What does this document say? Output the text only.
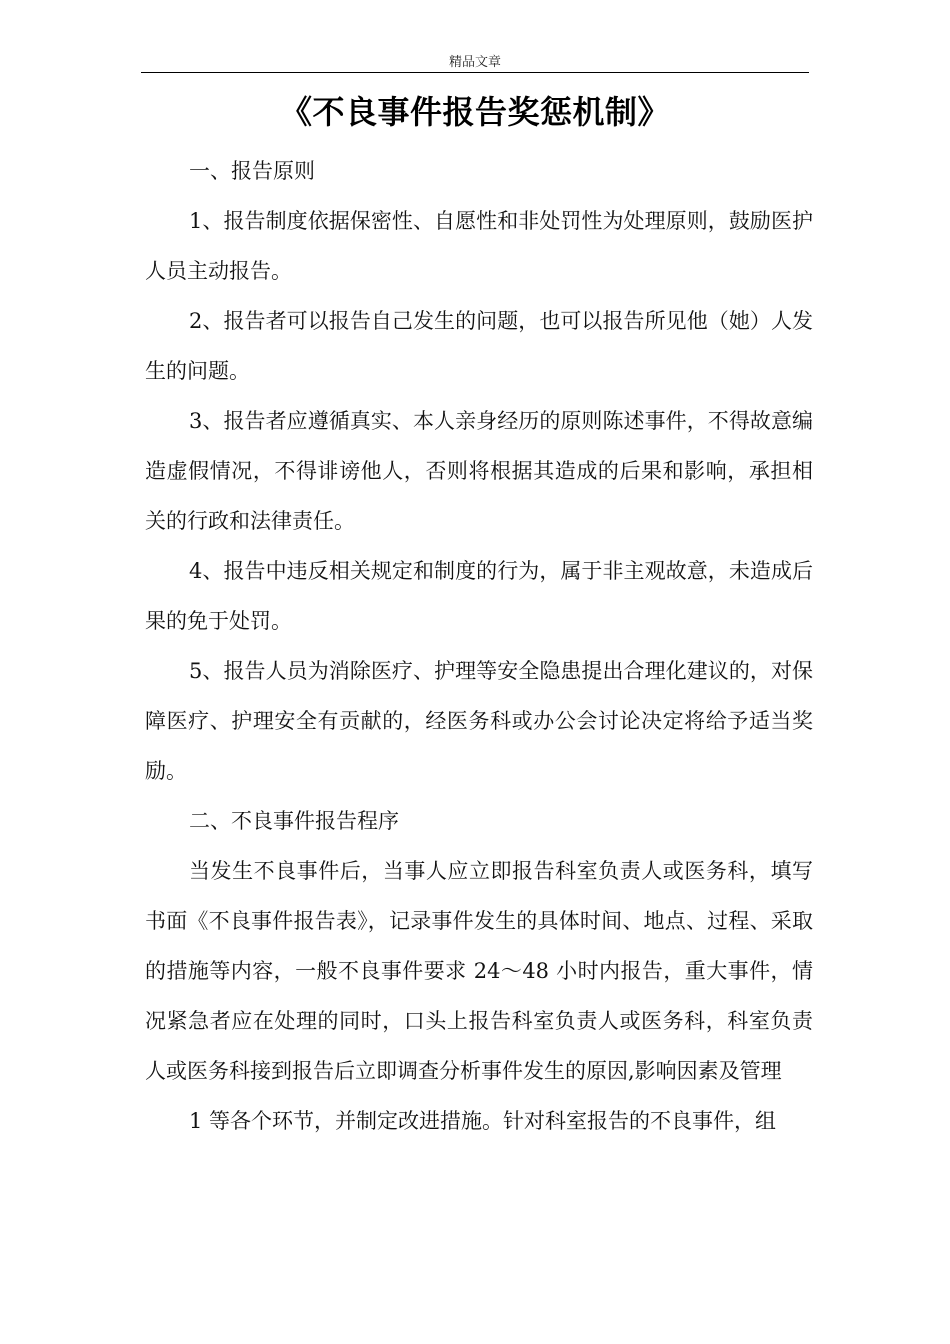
精品文章
《不良事件报告奖惩机制》

一、报告原则

1、报告制度依据保密性、自愿性和非处罚性为处理原则，鼓励医护人员主动报告。

2、报告者可以报告自己发生的问题，也可以报告所见他（她）人发生的问题。

3、报告者应遵循真实、本人亲身经历的原则陈述事件，不得故意编造虚假情况，不得诽谤他人，否则将根据其造成的后果和影响，承担相关的行政和法律责任。

4、报告中违反相关规定和制度的行为，属于非主观故意，未造成后果的免于处罚。

5、报告人员为消除医疗、护理等安全隐患提出合理化建议的，对保障医疗、护理安全有贡献的，经医务科或办公会讨论决定将给予适当奖励。

二、不良事件报告程序

当发生不良事件后，当事人应立即报告科室负责人或医务科，填写书面《不良事件报告表》，记录事件发生的具体时间、地点、过程、采取的措施等内容，一般不良事件要求 24～48 小时内报告，重大事件，情况紧急者应在处理的同时，口头上报告科室负责人或医务科，科室负责人或医务科接到报告后立即调查分析事件发生的原因,影响因素及管理

1 等各个环节，并制定改进措施。针对科室报告的不良事件，组
